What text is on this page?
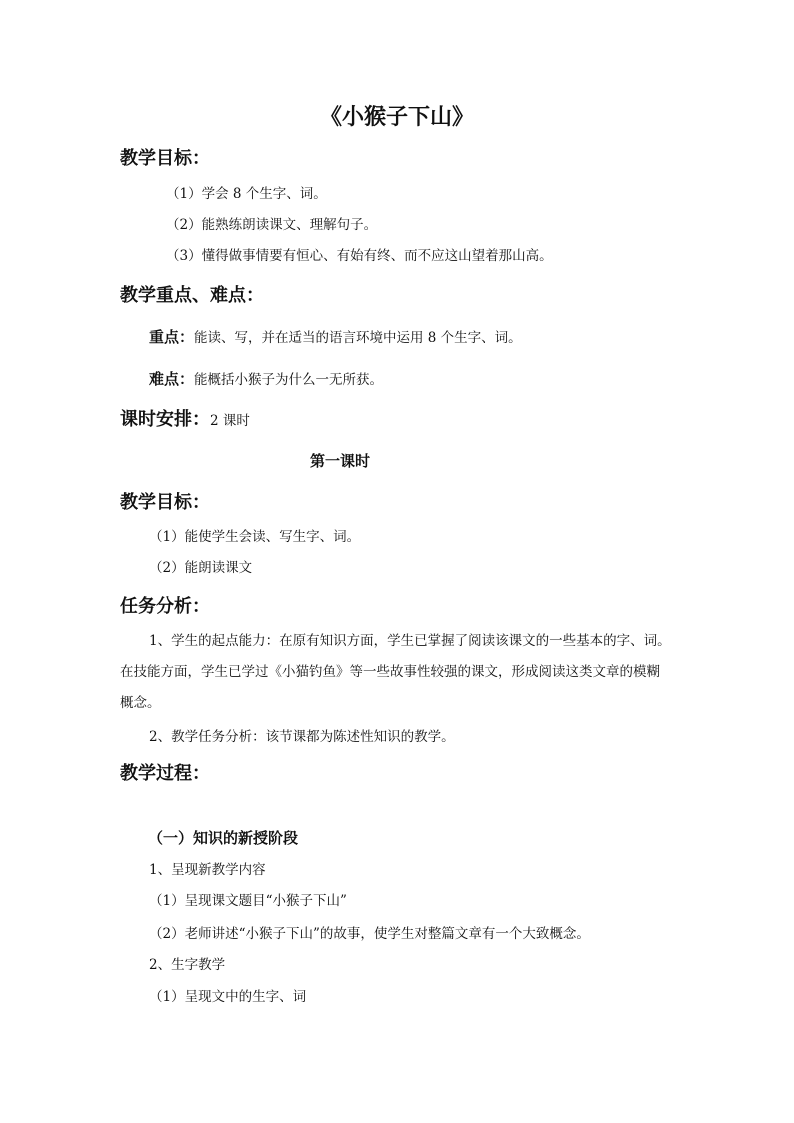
《小猴子下山》
教学目标：
（1）学会 8 个生字、词。
（2）能熟练朗读课文、理解句子。
（3）懂得做事情要有恒心、有始有终、而不应这山望着那山高。
教学重点、难点：
重点：能读、写，并在适当的语言环境中运用 8 个生字、词。
难点：能概括小猴子为什么一无所获。
课时安排：2 课时
第一课时
教学目标：
（1）能使学生会读、写生字、词。
（2）能朗读课文
任务分析：
1、学生的起点能力：在原有知识方面，学生已掌握了阅读该课文的一些基本的字、词。
在技能方面，学生已学过《小猫钓鱼》等一些故事性较强的课文，形成阅读这类文章的模糊
概念。
2、教学任务分析：该节课都为陈述性知识的教学。
教学过程：
（一）知识的新授阶段
1、呈现新教学内容
（1）呈现课文题目“小猴子下山”
（2）老师讲述“小猴子下山”的故事，使学生对整篇文章有一个大致概念。
2、生字教学
（1）呈现文中的生字、词
